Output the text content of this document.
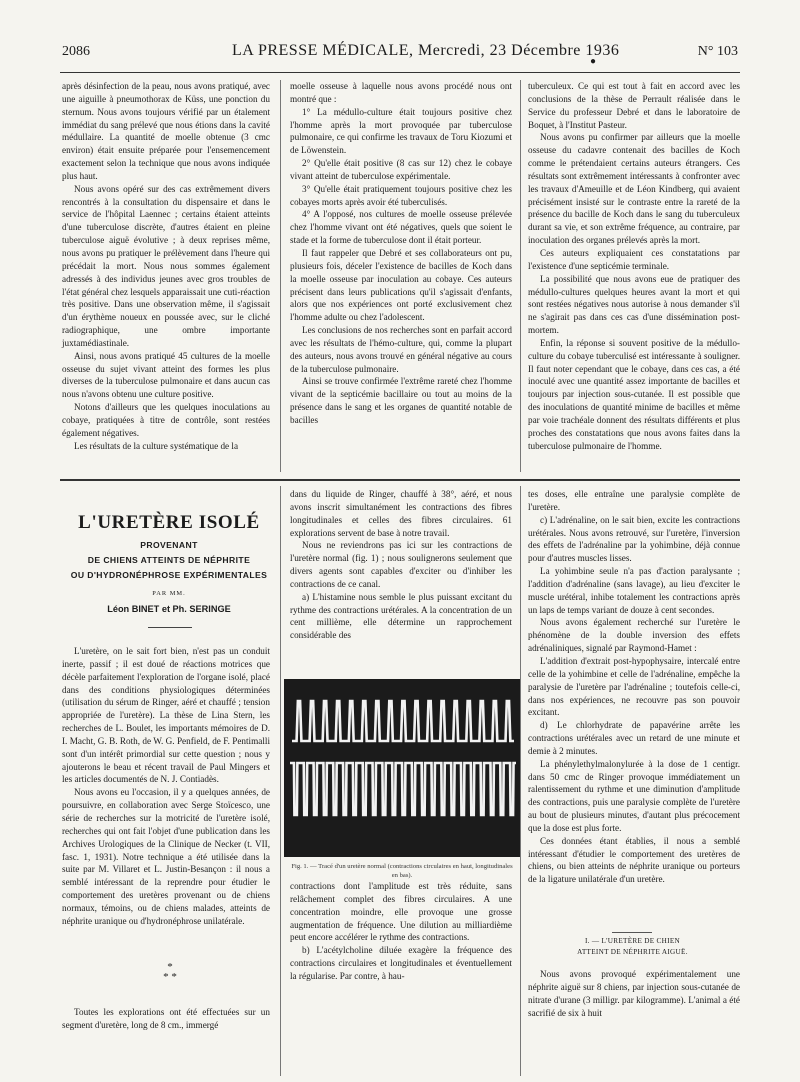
2086	LA PRESSE MÉDICALE, Mercredi, 23 Décembre 1936	N° 103
●

après désinfection de la peau, nous avons pratiqué, avec une aiguille à pneumothorax de Küss, une ponction du sternum. Nous avons toujours vérifié par un étalement immédiat du sang prélevé que nous étions dans la cavité médullaire. La quantité de moelle obtenue (3 cmc environ) était ensuite préparée pour l'ensemencement exactement selon la technique que nous avons indiquée plus haut.

Nous avons opéré sur des cas extrêmement divers rencontrés à la consultation du dispensaire et dans le service de l'hôpital Laennec ; certains étaient atteints d'une tuberculose discrète, d'autres étaient en pleine tuberculose aiguë évolutive ; à deux reprises même, nous avons pu pratiquer le prélèvement dans l'heure qui précédait la mort. Nous nous sommes également adressés à des individus jeunes avec gros troubles de l'état général chez lesquels apparaissait une cuti-réaction très positive. Dans une observation même, il s'agissait d'un érythème noueux en poussée avec, sur le cliché radiographique, une ombre importante juxtamédiastinale.

Ainsi, nous avons pratiqué 45 cultures de la moelle osseuse du sujet vivant atteint des formes les plus diverses de la tuberculose pulmonaire et dans aucun cas nous n'avons obtenu une culture positive.

Notons d'ailleurs que les quelques inoculations au cobaye, pratiquées à titre de contrôle, sont restées également négatives.

Les résultats de la culture systématique de la

moelle osseuse à laquelle nous avons procédé nous ont montré que :

1° La médullo-culture était toujours positive chez l'homme après la mort provoquée par tuberculose pulmonaire, ce qui confirme les travaux de Toru Kiozumi et de Löwenstein.

2° Qu'elle était positive (8 cas sur 12) chez le cobaye vivant atteint de tuberculose expérimentale.

3° Qu'elle était pratiquement toujours positive chez les cobayes morts après avoir été tuberculisés.

4° A l'opposé, nos cultures de moelle osseuse prélevée chez l'homme vivant ont été négatives, quels que soient le stade et la forme de tuberculose dont il était porteur.

Il faut rappeler que Debré et ses collaborateurs ont pu, plusieurs fois, déceler l'existence de bacilles de Koch dans la moelle osseuse par inoculation au cobaye. Ces auteurs précisent dans leurs publications qu'il s'agissait d'enfants, alors que nos expériences ont porté exclusivement chez l'homme adulte ou chez l'adolescent.

Les conclusions de nos recherches sont en parfait accord avec les résultats de l'hémo-culture, qui, comme la plupart des auteurs, nous avons trouvé en général négative au cours de la tuberculose pulmonaire.

Ainsi se trouve confirmée l'extrême rareté chez l'homme vivant de la septicémie bacillaire ou tout au moins de la présence dans le sang et les organes de quantité notable de bacilles

tuberculeux. Ce qui est tout à fait en accord avec les conclusions de la thèse de Perrault réalisée dans le Service du professeur Debré et dans le laboratoire de Boquet, à l'Institut Pasteur.

Nous avons pu confirmer par ailleurs que la moelle osseuse du cadavre contenait des bacilles de Koch comme le prétendaient certains auteurs étrangers. Ces résultats sont extrêmement intéressants à confronter avec les travaux d'Ameuille et de Léon Kindberg, qui avaient précisément insisté sur le contraste entre la rareté de la présence du bacille de Koch dans le sang du tuberculeux durant sa vie, et son extrême fréquence, au contraire, par inoculation des organes prélevés après la mort.

Ces auteurs expliquaient ces constatations par l'existence d'une septicémie terminale.

La possibilité que nous avons eue de pratiquer des médullo-cultures quelques heures avant la mort et qui sont restées négatives nous autorise à nous demander s'il ne s'agirait pas dans ces cas d'une dissémination post-mortem.

Enfin, la réponse si souvent positive de la médullo-culture du cobaye tuberculisé est intéressante à souligner. Il faut noter cependant que le cobaye, dans ces cas, a été inoculé avec une quantité assez importante de bacilles et toujours par injection sous-cutanée. Il est possible que des inoculations de quantité minime de bacilles et même par voie trachéale donnent des résultats différents et plus proches des constatations que nous avons faites dans la tuberculose pulmonaire de l'homme.

L'URETÈRE ISOLÉ
PROVENANT
DE CHIENS ATTEINTS DE NÉPHRITE
OU D'HYDRONÉPHROSE EXPÉRIMENTALES
PAR MM.
Léon BINET et Ph. SERINGE

L'uretère, on le sait fort bien, n'est pas un conduit inerte, passif ; il est doué de réactions motrices que décèle parfaitement l'exploration de l'organe isolé, placé dans des conditions physiologiques déterminées (utilisation du sérum de Ringer, aéré et chauffé ; tension appropriée de l'uretère). La thèse de Lina Stern, les recherches de L. Boulet, les importants mémoires de D. I. Macht, G. B. Roth, de W. G. Penfield, de F. Pentimalli sont d'un intérêt primordial sur cette question ; nous y ajouterons le beau et récent travail de Paul Mingers et les articles documentés de N. J. Contiadès.

Nous avons eu l'occasion, il y a quelques années, de poursuivre, en collaboration avec Serge Stoïcesco, une série de recherches sur la motricité de l'uretère isolé, recherches qui ont fait l'objet d'une publication dans les Archives Urologiques de la Clinique de Necker (t. VII, fasc. 1, 1931). Notre technique a été utilisée dans la suite par M. Villaret et L. Justin-Besançon : il nous a semblé intéressant de la reprendre pour étudier le comportement des uretères provenant ou de chiens normaux, témoins, ou de chiens malades, atteints de néphrite uranique ou d'hydronéphrose unilatérale.

*
* *

Toutes les explorations ont été effectuées sur un segment d'uretère, long de 8 cm., immergé

dans du liquide de Ringer, chauffé à 38°, aéré, et nous avons inscrit simultanément les contractions des fibres longitudinales et celles des fibres circulaires. 61 explorations servent de base à notre travail.

Nous ne reviendrons pas ici sur les contractions de l'uretère normal (fig. 1) ; nous soulignerons seulement que divers agents sont capables d'exciter ou d'inhiber les contractions de ce canal.

a) L'histamine nous semble le plus puissant excitant du rythme des contractions urétérales. A la concentration de un cent millième, elle détermine un rapprochement considérable des

Fig. 1. — Tracé d'un uretère normal (contractions circulaires en haut, longitudinales en bas).

contractions dont l'amplitude est très réduite, sans relâchement complet des fibres circulaires. A une concentration moindre, elle provoque une grosse augmentation de fréquence. Une dilution au milliardième peut encore accélérer le rythme des contractions.

b) L'acétylcholine diluée exagère la fréquence des contractions circulaires et longitudinales et éventuellement la régularise. Par contre, à hau-

tes doses, elle entraîne une paralysie complète de l'uretère.

c) L'adrénaline, on le sait bien, excite les contractions urétérales. Nous avons retrouvé, sur l'uretère, l'inversion des effets de l'adrénaline par la yohimbine, déjà connue pour d'autres muscles lisses.

La yohimbine seule n'a pas d'action paralysante ; l'addition d'adrénaline (sans lavage), au lieu d'exciter le muscle urétéral, inhibe totalement les contractions après un laps de temps variant de douze à cent secondes.

Nous avons également recherché sur l'uretère le phénomène de la double inversion des effets adrénaliniques, signalé par Raymond-Hamet :

L'addition d'extrait post-hypophysaire, intercalé entre celle de la yohimbine et celle de l'adrénaline, empêche la paralysie de l'uretère par l'adrénaline ; toutefois celle-ci, dans nos expériences, ne recouvre pas son pouvoir excitant.

d) Le chlorhydrate de papavérine arrête les contractions urétérales avec un retard de une minute et demie à 2 minutes.

La phénylethylmalonylurée à la dose de 1 centigr. dans 50 cmc de Ringer provoque immédiatement un ralentissement du rythme et une diminution d'amplitude des contractions, puis une paralysie complète de l'uretère au bout de plusieurs minutes, d'autant plus précocement que la dose est plus forte.

Ces données étant établies, il nous a semblé intéressant d'étudier le comportement des uretères de chiens, ou bien atteints de néphrite uranique ou porteurs de la ligature unilatérale d'un uretère.

I. — L'URETÈRE DE CHIEN
ATTEINT DE NÉPHRITE AIGUË.

Nous avons provoqué expérimentalement une néphrite aiguë sur 8 chiens, par injection sous-cutanée de nitrate d'urane (3 milligr. par kilogramme). L'animal a été sacrifié de six à huit
